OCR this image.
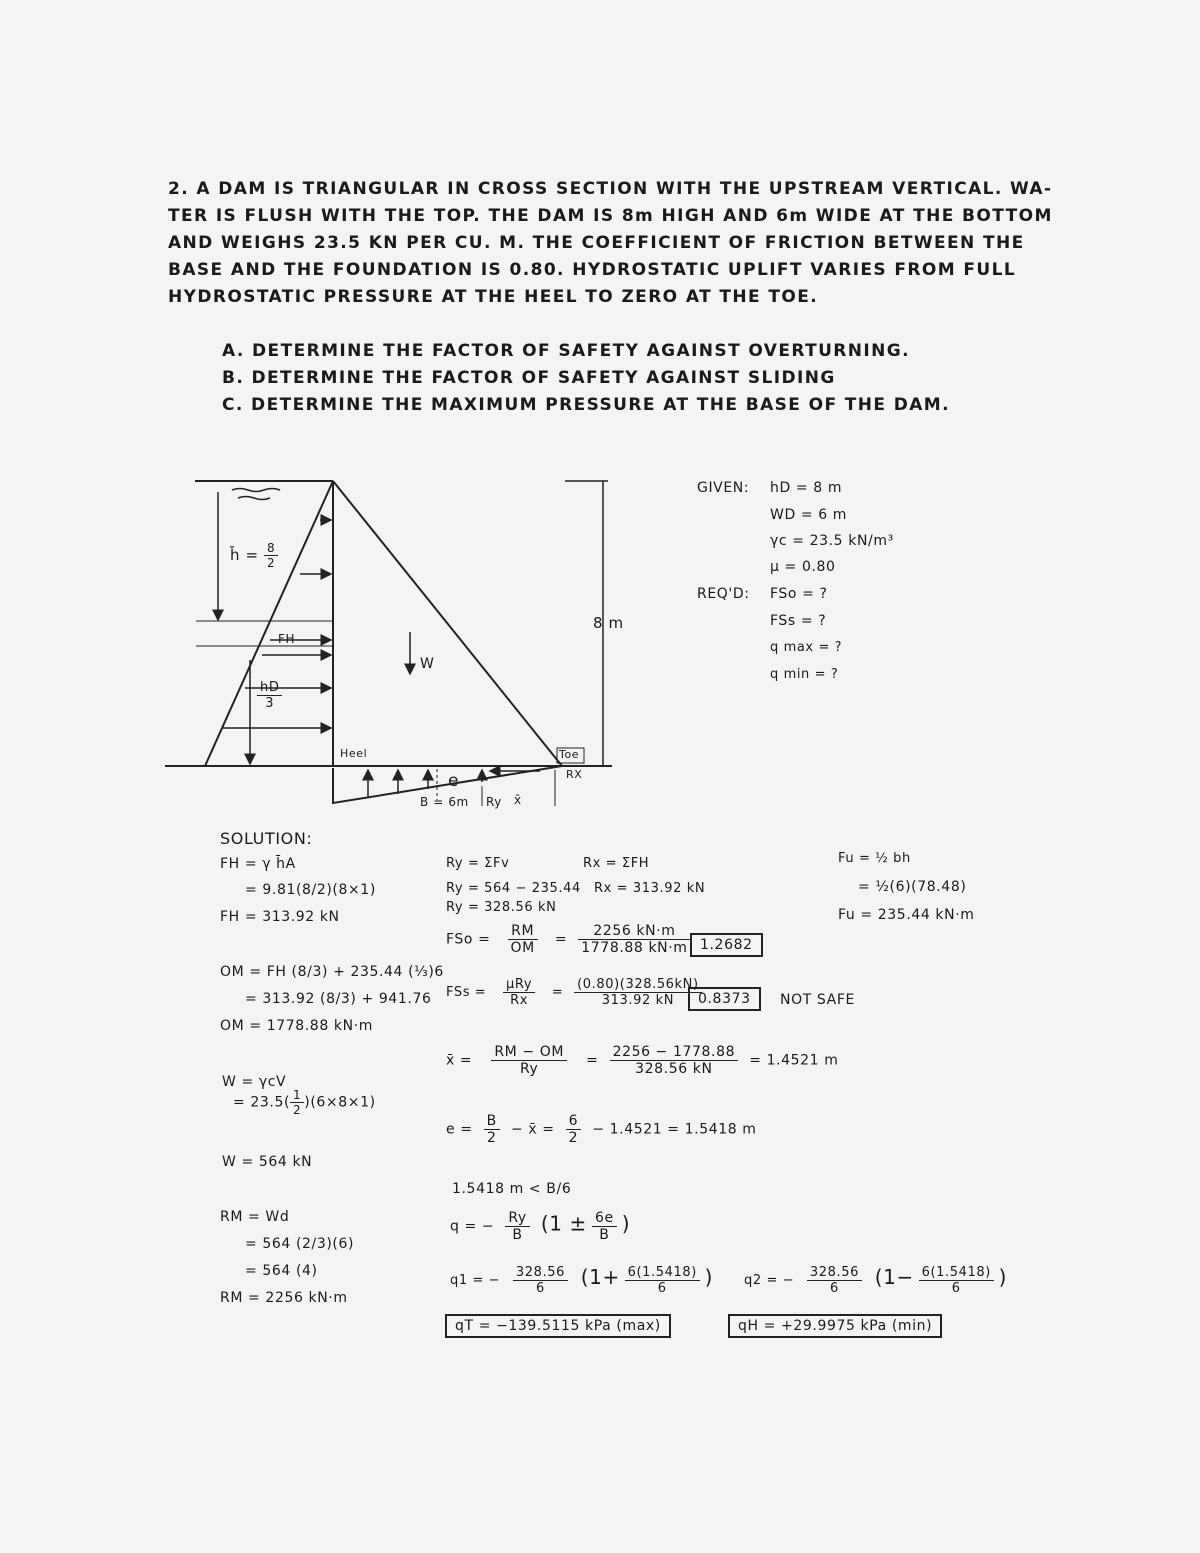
2. A DAM IS TRIANGULAR IN CROSS SECTION WITH THE UPSTREAM VERTICAL. WA-
TER IS FLUSH WITH THE TOP. THE DAM IS 8m HIGH AND 6m WIDE AT THE BOTTOM
AND WEIGHS 23.5 KN PER CU. M. THE COEFFICIENT OF FRICTION BETWEEN THE
BASE AND THE FOUNDATION IS 0.80. HYDROSTATIC UPLIFT VARIES FROM FULL
HYDROSTATIC PRESSURE AT THE HEEL TO ZERO AT THE TOE.
A. DETERMINE THE FACTOR OF SAFETY AGAINST OVERTURNING.
B. DETERMINE THE FACTOR OF SAFETY AGAINST SLIDING
C. DETERMINE THE MAXIMUM PRESSURE AT THE BASE OF THE DAM.
h̄ = $\frac{8}{2}$
FH
$\frac{hD}{3}$
W
8 m
Heel	Toe
RX
e
B = 6m Ry x̄
GIVEN: hD = 8 m
WD = 6 m
γc = 23.5 kN/m³
μ = 0.80
REQ'D: FSo = ?
FSs = ?
q max = ?
q min = ?
SOLUTION:
FH = γ h̄A
= 9.81(8/2)(8×1)
FH = 313.92 kN
OM = FH (8/3) + 235.44 (⅓)6
= 313.92 (8/3) + 941.76
OM = 1778.88 kN·m
W = γcV
= $23.5( \frac{1}{2} )(6\times 8\times 1)$
W = 564 kN
RM = Wd
= 564 (2/3)(6)
= 564 (4)
RM = 2256 kN·m
Ry = ΣFv
Ry = 564 − 235.44
Ry = 328.56 kN
Rx = ΣFH
Rx = 313.92 kN
FSo = $\frac{RM}{OM} = \frac{2256 kN\cdot m}{1778.88 kN\cdot m} 1.2682$
FSs = $\frac{\text{μRy}}{Rx} = \frac{(0.80)(328.56kN)}{313.92 kN}$
0.8373	NOT SAFE
x̄ = $\frac{RM - OM}{Ry} = \frac{2256 - 1778.88}{328.56 kN} = 1.4521$ m
$e = \frac{B}{2}$ − x̄ = $\frac{6}{2} - 1.4521 = 1.5418$ m
1.5418 m < B/6
q = − $\frac{Ry}{B} (1 \pm \frac{6e}{B}$ )
q1 = − $\frac{328.56}{6} (1+ \frac{6(1.5418)}{6}$ )
qT = −139.5115 kPa (max)
q2 = − $\frac{328.56}{6} (1- \frac{6(1.5418)}{6}$ )
qH = +29.9975 kPa (min)
Fu = ½ bh
= ½(6)(78.48)
Fu = 235.44 kN·m
